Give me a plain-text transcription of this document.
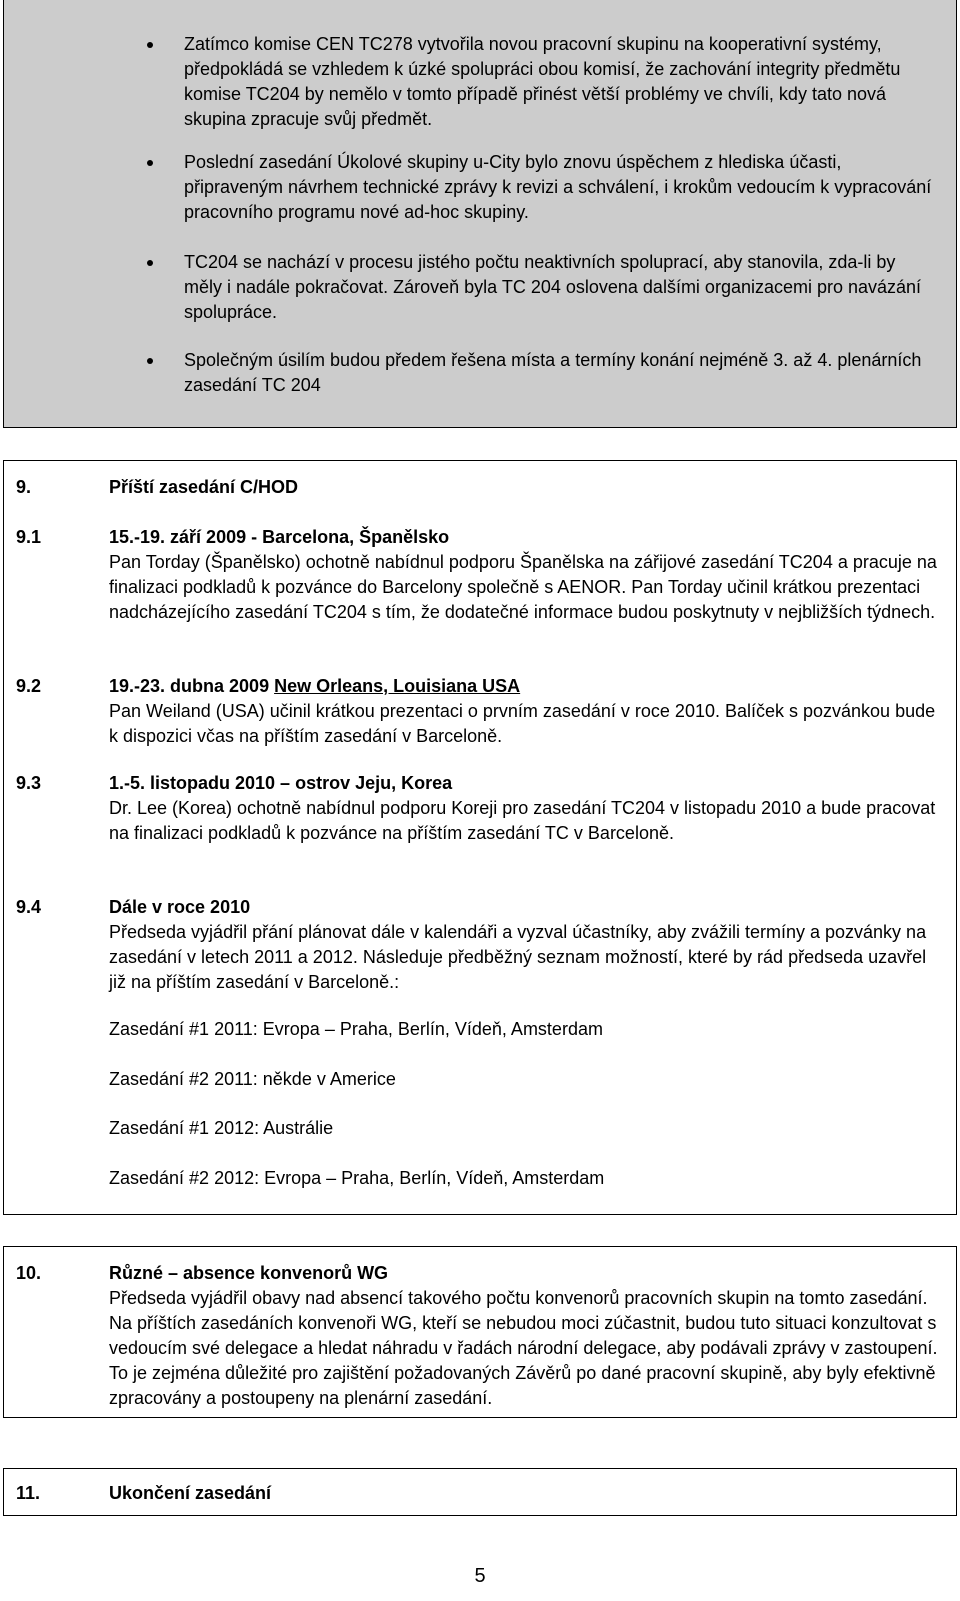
Zatímco komise CEN TC278 vytvořila novou pracovní skupinu na kooperativní systémy, předpokládá se vzhledem k úzké spolupráci obou komisí, že zachování integrity předmětu komise TC204 by nemělo v tomto případě přinést větší problémy ve chvíli, kdy tato nová skupina zpracuje svůj předmět.
Poslední zasedání Úkolové skupiny u-City bylo znovu úspěchem z hlediska účasti, připraveným návrhem technické zprávy k revizi a schválení, i krokům vedoucím k vypracování pracovního programu nové ad-hoc skupiny.
TC204 se nachází v procesu jistého počtu neaktivních spoluprací, aby stanovila, zda-li by měly i nadále pokračovat. Zároveň byla TC 204 oslovena dalšími organizacemi pro navázání spolupráce.
Společným úsilím budou předem řešena místa a termíny konání nejméně 3. až 4. plenárních zasedání TC 204
9.	Příští zasedání C/HOD
9.1	15.-19. září 2009 - Barcelona, Španělsko
Pan Torday (Španělsko) ochotně nabídnul podporu Španělska na zářijové zasedání TC204 a pracuje na finalizaci podkladů k pozvánce do Barcelony společně s AENOR. Pan Torday učinil krátkou prezentaci nadcházejícího zasedání TC204 s tím, že dodatečné informace budou poskytnuty v nejbližších týdnech.
9.2	19.-23. dubna 2009 New Orleans, Louisiana USA
Pan Weiland (USA) učinil krátkou prezentaci o prvním zasedání v roce 2010. Balíček s pozvánkou bude k dispozici včas na příštím zasedání v Barceloně.
9.3	1.-5. listopadu 2010 – ostrov Jeju, Korea
Dr. Lee (Korea) ochotně nabídnul podporu Koreji pro zasedání TC204 v listopadu 2010 a bude pracovat na finalizaci podkladů k pozvánce na příštím zasedání TC v Barceloně.
9.4	Dále v roce 2010
Předseda vyjádřil přání plánovat dále v kalendáři a vyzval účastníky, aby zvážili termíny a pozvánky na zasedání v letech 2011 a 2012. Následuje předběžný seznam možností, které by rád předseda uzavřel již na příštím zasedání v Barceloně.:
Zasedání #1 2011: Evropa – Praha, Berlín, Vídeň, Amsterdam
Zasedání #2 2011: někde v Americe
Zasedání #1 2012: Austrálie
Zasedání #2 2012: Evropa – Praha, Berlín, Vídeň, Amsterdam
10.	Různé – absence konvenorů WG
Předseda vyjádřil obavy nad absencí takového počtu konvenorů pracovních skupin na tomto zasedání. Na příštích zasedáních konvenoři WG, kteří se nebudou moci zúčastnit, budou tuto situaci konzultovat s vedoucím své delegace a hledat náhradu v řadách národní delegace, aby podávali zprávy v zastoupení. To je zejména důležité pro zajištění požadovaných Závěrů po dané pracovní skupině, aby byly efektivně zpracovány a postoupeny na plenární zasedání.
11.	Ukončení zasedání
5
